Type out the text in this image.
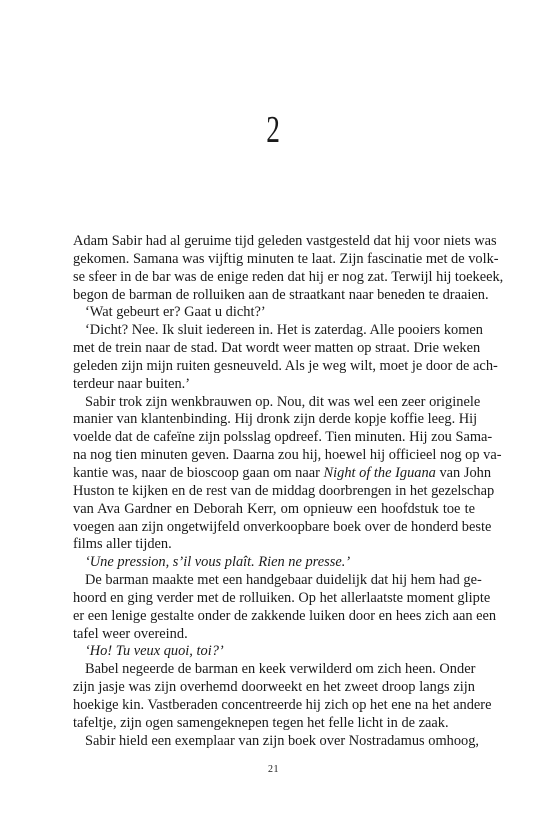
2
Adam Sabir had al geruime tijd geleden vastgesteld dat hij voor niets was
gekomen. Samana was vijftig minuten te laat. Zijn fascinatie met de volk-
se sfeer in de bar was de enige reden dat hij er nog zat. Terwijl hij toekeek,
begon de barman de rolluiken aan de straatkant naar beneden te draaien.
‘Wat gebeurt er? Gaat u dicht?’
‘Dicht? Nee. Ik sluit iedereen in. Het is zaterdag. Alle pooiers komen
met de trein naar de stad. Dat wordt weer matten op straat. Drie weken
geleden zijn mijn ruiten gesneuveld. Als je weg wilt, moet je door de ach-
terdeur naar buiten.’
Sabir trok zijn wenkbrauwen op. Nou, dit was wel een zeer originele
manier van klantenbinding. Hij dronk zijn derde kopje koffie leeg. Hij
voelde dat de cafeïne zijn polsslag opdreef. Tien minuten. Hij zou Sama-
na nog tien minuten geven. Daarna zou hij, hoewel hij officieel nog op va-
kantie was, naar de bioscoop gaan om naar Night of the Iguana van John
Huston te kijken en de rest van de middag doorbrengen in het gezelschap
van Ava Gardner en Deborah Kerr, om opnieuw een hoofdstuk toe te
voegen aan zijn ongetwijfeld onverkoopbare boek over de honderd beste
films aller tijden.
‘Une pression, s’il vous plaît. Rien ne presse.’
De barman maakte met een handgebaar duidelijk dat hij hem had ge-
hoord en ging verder met de rolluiken. Op het allerlaatste moment glipte
er een lenige gestalte onder de zakkende luiken door en hees zich aan een
tafel weer overeind.
‘Ho! Tu veux quoi, toi?’
Babel negeerde de barman en keek verwilderd om zich heen. Onder
zijn jasje was zijn overhemd doorweekt en het zweet droop langs zijn
hoekige kin. Vastberaden concentreerde hij zich op het ene na het andere
tafeltje, zijn ogen samengeknepen tegen het felle licht in de zaak.
Sabir hield een exemplaar van zijn boek over Nostradamus omhoog,
21
